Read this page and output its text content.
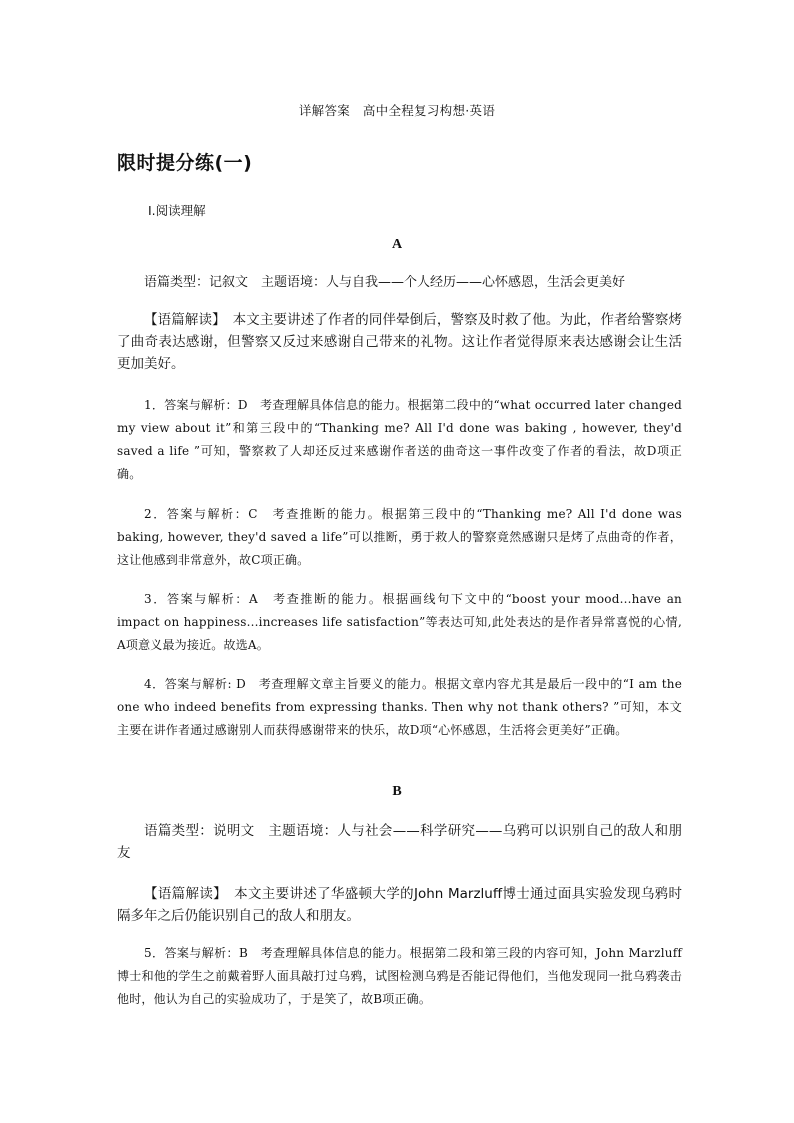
详解答案　高中全程复习构想·英语
限时提分练(一)
Ⅰ.阅读理解
A

语篇类型：记叙文　主题语境：人与自我——个人经历——心怀感恩，生活会更美好

【语篇解读】　本文主要讲述了作者的同伴晕倒后，警察及时救了他。为此，作者给警察烤了曲奇表达感谢，但警察又反过来感谢自己带来的礼物。这让作者觉得原来表达感谢会让生活更加美好。

1．答案与解析：D　考查理解具体信息的能力。根据第二段中的“what occurred later changed my view about it”和第三段中的“Thanking me? All I'd done was baking , however, they'd saved a life ”可知，警察救了人却还反过来感谢作者送的曲奇这一事件改变了作者的看法，故D项正确。

2．答案与解析：C　考查推断的能力。根据第三段中的“Thanking me? All I'd done was baking, however, they'd saved a life”可以推断，勇于救人的警察竟然感谢只是烤了点曲奇的作者，这让他感到非常意外，故C项正确。

3．答案与解析：A　考查推断的能力。根据画线句下文中的“boost your mood...have an impact on happiness...increases life satisfaction”等表达可知,此处表达的是作者异常喜悦的心情, A项意义最为接近。故选A。

4．答案与解析: D　考查理解文章主旨要义的能力。根据文章内容尤其是最后一段中的“I am the one who indeed benefits from expressing thanks. Then why not thank others? ”可知，本文主要在讲作者通过感谢别人而获得感谢带来的快乐，故D项“心怀感恩，生活将会更美好”正确。

B

语篇类型：说明文　主题语境：人与社会——科学研究——乌鸦可以识别自己的敌人和朋友

【语篇解读】　本文主要讲述了华盛顿大学的John Marzluff博士通过面具实验发现乌鸦时隔多年之后仍能识别自己的敌人和朋友。

5．答案与解析：B　考查理解具体信息的能力。根据第二段和第三段的内容可知，John Marzluff博士和他的学生之前戴着野人面具敲打过乌鸦，试图检测乌鸦是否能记得他们，当他发现同一批乌鸦袭击他时，他认为自己的实验成功了，于是笑了，故B项正确。
